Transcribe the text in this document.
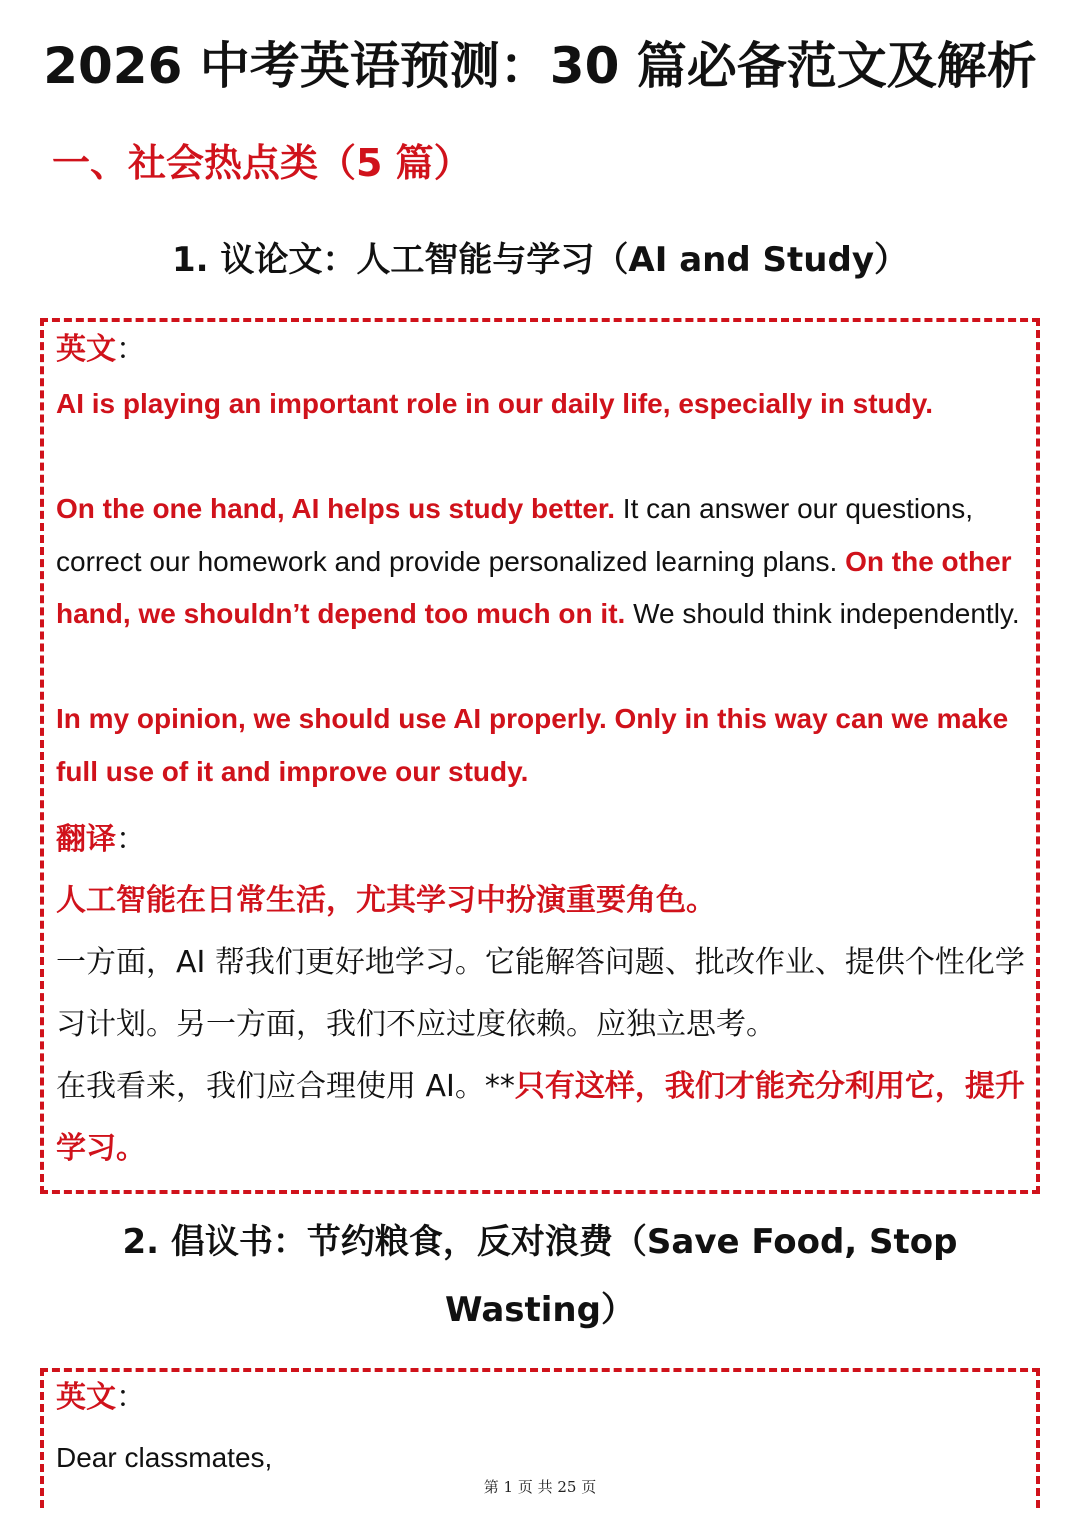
2026 中考英语预测：30 篇必备范文及解析
一、社会热点类（5 篇）
1. 议论文：人工智能与学习（AI and Study）
英文：
AI is playing an important role in our daily life, especially in study.
On the one hand, AI helps us study better. It can answer our questions, correct our homework and provide personalized learning plans. On the other hand, we shouldn’t depend too much on it. We should think independently.
In my opinion, we should use AI properly. Only in this way can we make full use of it and improve our study.
翻译：
人工智能在日常生活，尤其学习中扮演重要角色。
一方面，AI 帮我们更好地学习。它能解答问题、批改作业、提供个性化学习计划。另一方面，我们不应过度依赖。应独立思考。
在我看来，我们应合理使用 AI。**只有这样，我们才能充分利用它，提升学习。
2. 倡议书：节约粮食，反对浪费（Save Food, Stop
Wasting）
英文：
Dear classmates,
第 1 页 共 25 页
